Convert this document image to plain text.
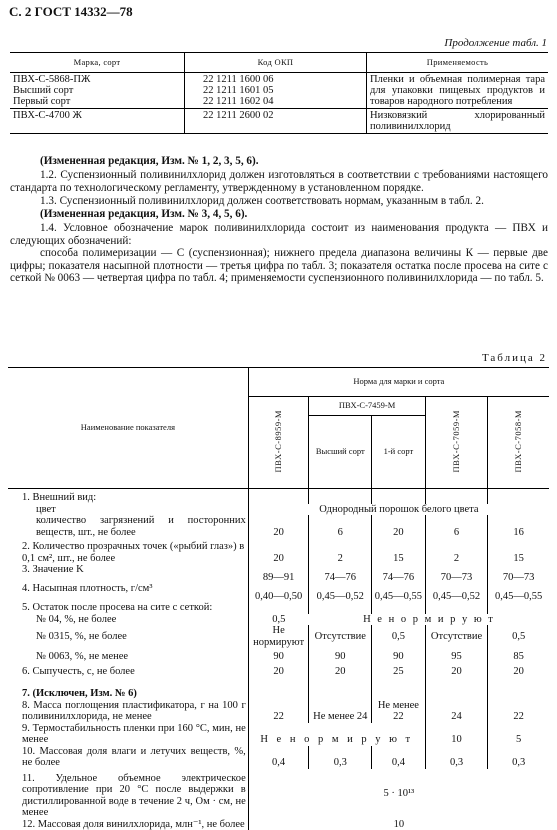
С. 2 ГОСТ 14332—78
Продолжение табл. 1
Марка, сорт	Код ОКП	Применяемость
ПВХ-С-5868-ПЖ
Высший сорт
Первый сорт	22 1211 1600 06
22 1211 1601 05
22 1211 1602 04	Пленки и объемная полимерная тара для упаковки пищевых продуктов и товаров народного потребления
ПВХ-С-4700 Ж	22 1211 2600 02	Низковязкий хлорированный поливинилхлорид
(Измененная редакция, Изм. № 1, 2, 3, 5, 6).
1.2. Суспензионный поливинилхлорид должен изготовляться в соответствии с требованиями настоящего стандарта по технологическому регламенту, утвержденному в установленном порядке.
1.3. Суспензионный поливинилхлорид должен соответствовать нормам, указанным в табл. 2.
(Измененная редакция, Изм. № 3, 4, 5, 6).
1.4. Условное обозначение марок поливинилхлорида состоит из наименования продукта — ПВХ и следующих обозначений:
способа полимеризации — С (суспензионная); нижнего предела диапазона величины К — первые две цифры; показателя насыпной плотности — третья цифра по табл. 3; показателя остатка после просева на сите с сеткой № 0063 — четвертая цифра по табл. 4; применяемости суспензионного поливинилхлорида — по табл. 5.
Таблица 2
Наименование показателя	Норма для марки и сорта				
	ПВХ-С-8959-М	ПВХ-С-7459-М		ПВХ-С-7059-М	ПВХ-С-7058-М
		Высший сорт	1-й сорт		
1. Внешний вид:					
цвет	Однородный порошок белого цвета				
количество загрязнений и посторонних веществ, шт., не более	20	6	20	6	16
2. Количество прозрачных точек («рыбий глаз») в 0,1 см², шт., не более	20	2	15	2	15
3. Значение K	89—91	74—76	74—76	70—73	70—73
4. Насыпная плотность, г/см³	0,40—0,50	0,45—0,52	0,45—0,55	0,45—0,52	0,45—0,55
5. Остаток после просева на сите с сеткой:					
№ 04, %, не более	0,5	Н е н о р м и р у ю т			
№ 0315, %, не более	Не нормируют	Отсутствие	0,5	Отсутствие	0,5
№ 0063, %, не менее	90	90	90	95	85
6. Сыпучесть, с, не более	20	20	25	20	20
7. (Исключен, Изм. № 6)					
8. Масса поглощения пластификатора, г на 100 г поливинилхлорида, не менее	22	Не менее 24	Не менее 22	24	22
9. Термостабильность пленки при 160 °С, мин, не менее	Н е н о р м и р у ю т			10	5
10. Массовая доля влаги и летучих веществ, %, не более	0,4	0,3	0,4	0,3	0,3
11. Удельное объемное электрическое сопротивление при 20 °С после выдержки в дистиллированной воде в течение 2 ч, Ом · см, не менее	5 · 10¹³				
12. Массовая доля винилхлорида, млн⁻¹, не более	10				
